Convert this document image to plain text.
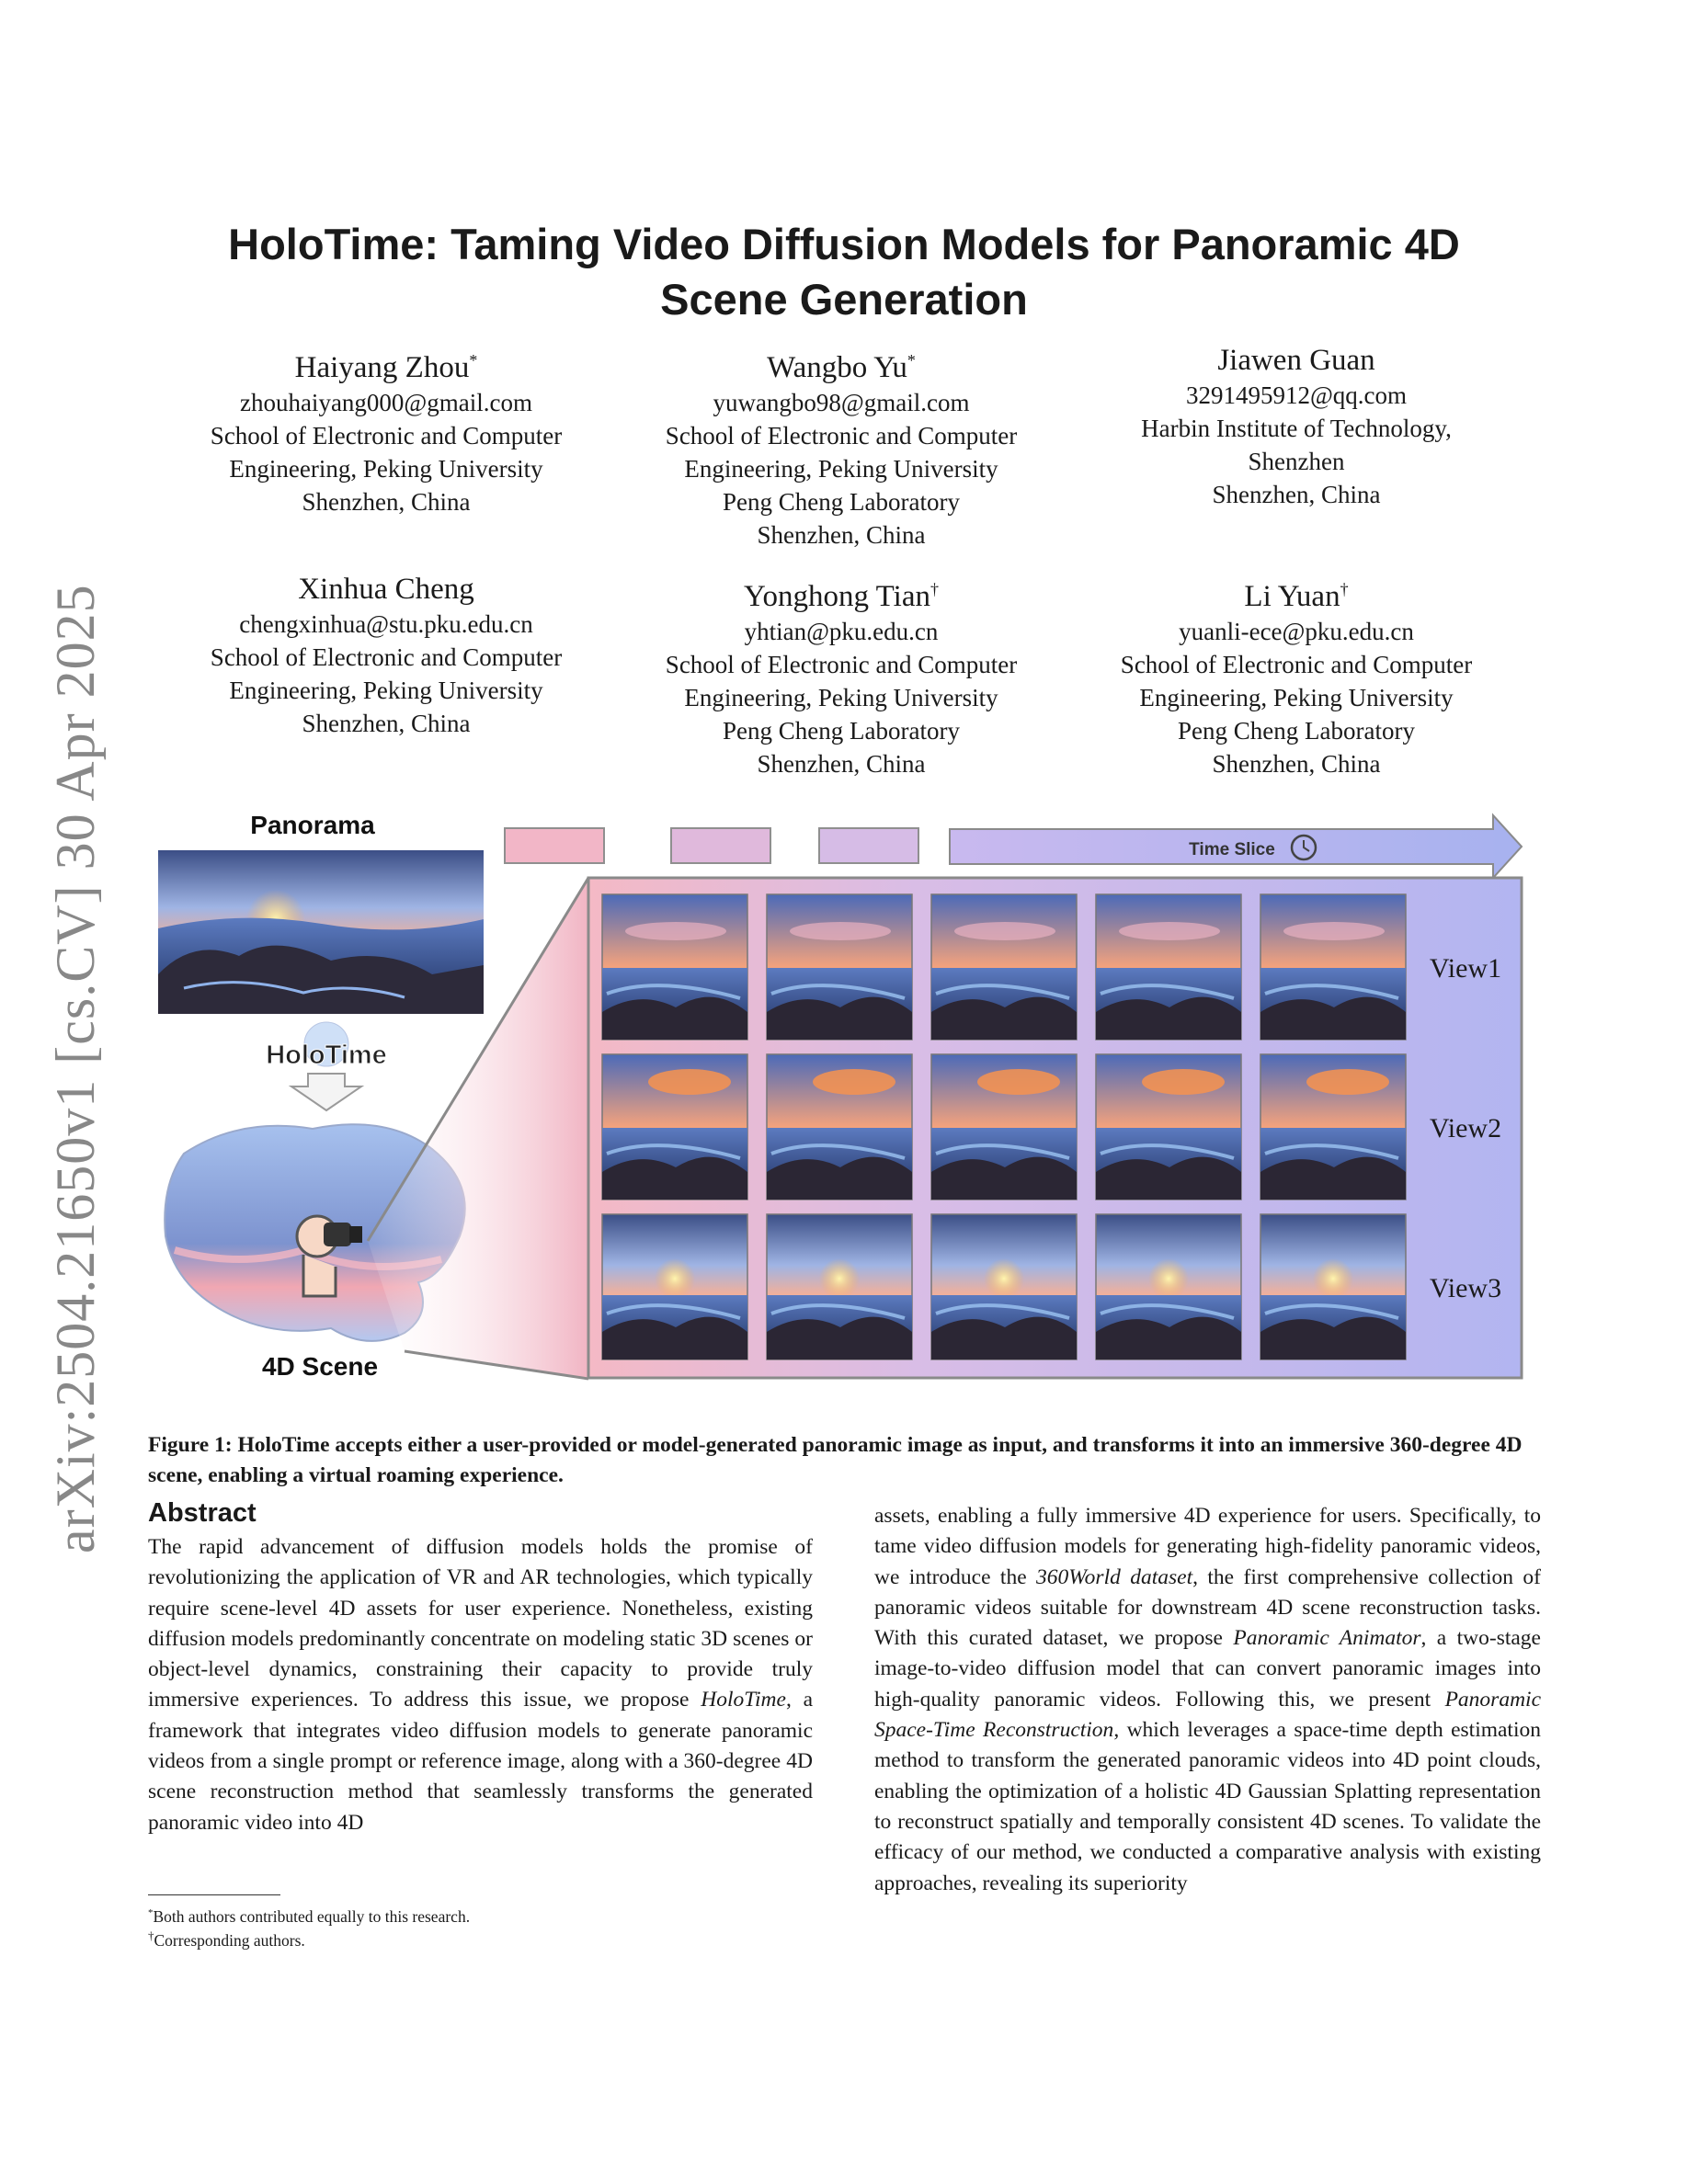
arXiv:2504.21650v1 [cs.CV] 30 Apr 2025
HoloTime: Taming Video Diffusion Models for Panoramic 4D
Scene Generation
Haiyang Zhou*
zhouhaiyang000@gmail.com
School of Electronic and Computer
Engineering, Peking University
Shenzhen, China
Wangbo Yu*
yuwangbo98@gmail.com
School of Electronic and Computer
Engineering, Peking University
Peng Cheng Laboratory
Shenzhen, China
Jiawen Guan
3291495912@qq.com
Harbin Institute of Technology,
Shenzhen
Shenzhen, China
Xinhua Cheng
chengxinhua@stu.pku.edu.cn
School of Electronic and Computer
Engineering, Peking University
Shenzhen, China
Yonghong Tian†
yhtian@pku.edu.cn
School of Electronic and Computer
Engineering, Peking University
Peng Cheng Laboratory
Shenzhen, China
Li Yuan†
yuanli-ece@pku.edu.cn
School of Electronic and Computer
Engineering, Peking University
Peng Cheng Laboratory
Shenzhen, China
Panorama
HoloTime
4D Scene
Time Slice
View1
View2
View3
Figure 1: HoloTime accepts either a user-provided or model-generated panoramic image as input, and transforms it into an immersive 360-degree 4D scene, enabling a virtual roaming experience.
Abstract

The rapid advancement of diffusion models holds the promise of revolutionizing the application of VR and AR technologies, which typically require scene-level 4D assets for user experience. Nonetheless, existing diffusion models predominantly concentrate on modeling static 3D scenes or object-level dynamics, constraining their capacity to provide truly immersive experiences. To address this issue, we propose HoloTime, a framework that integrates video diffusion models to generate panoramic videos from a single prompt or reference image, along with a 360-degree 4D scene reconstruction method that seamlessly transforms the generated panoramic video into 4D

assets, enabling a fully immersive 4D experience for users. Specifically, to tame video diffusion models for generating high-fidelity panoramic videos, we introduce the 360World dataset, the first comprehensive collection of panoramic videos suitable for downstream 4D scene reconstruction tasks. With this curated dataset, we propose Panoramic Animator, a two-stage image-to-video diffusion model that can convert panoramic images into high-quality panoramic videos. Following this, we present Panoramic Space-Time Reconstruction, which leverages a space-time depth estimation method to transform the generated panoramic videos into 4D point clouds, enabling the optimization of a holistic 4D Gaussian Splatting representation to reconstruct spatially and temporally consistent 4D scenes. To validate the efficacy of our method, we conducted a comparative analysis with existing approaches, revealing its superiority

*Both authors contributed equally to this research.
†Corresponding authors.
